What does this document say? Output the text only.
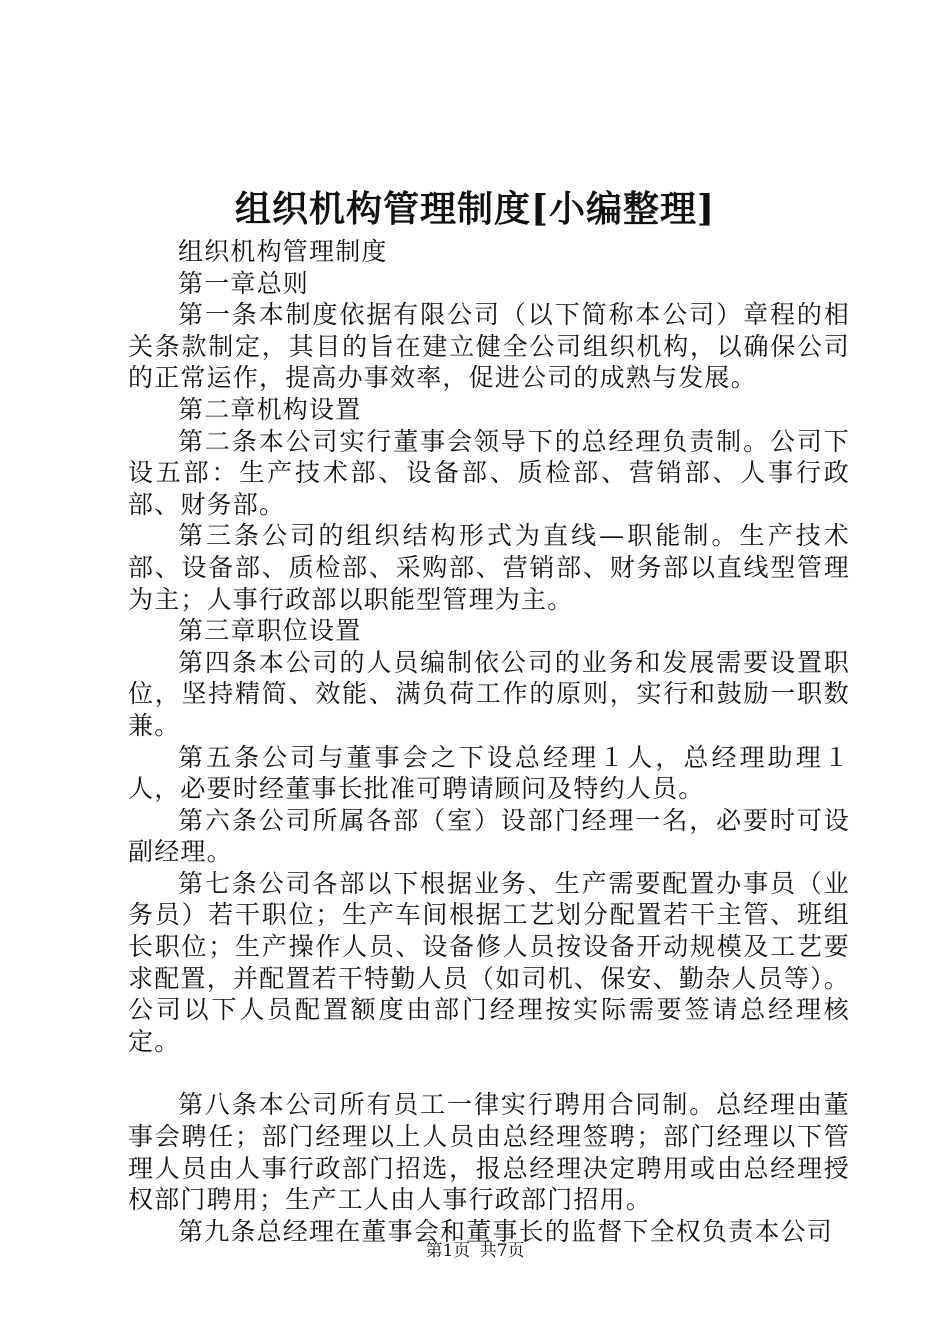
组织机构管理制度[小编整理]

组织机构管理制度

第一章总则

第一条本制度依据有限公司（以下简称本公司）章程的相关条款制定，其目的旨在建立健全公司组织机构，以确保公司的正常运作，提高办事效率，促进公司的成熟与发展。

第二章机构设置

第二条本公司实行董事会领导下的总经理负责制。公司下设五部：生产技术部、设备部、质检部、营销部、人事行政部、财务部。

第三条公司的组织结构形式为直线—职能制。生产技术部、设备部、质检部、采购部、营销部、财务部以直线型管理为主；人事行政部以职能型管理为主。

第三章职位设置

第四条本公司的人员编制依公司的业务和发展需要设置职位，坚持精简、效能、满负荷工作的原则，实行和鼓励一职数兼。

第五条公司与董事会之下设总经理１人，总经理助理１人，必要时经董事长批准可聘请顾问及特约人员。

第六条公司所属各部（室）设部门经理一名，必要时可设副经理。

第七条公司各部以下根据业务、生产需要配置办事员（业务员）若干职位；生产车间根据工艺划分配置若干主管、班组长职位；生产操作人员、设备修人员按设备开动规模及工艺要求配置，并配置若干特勤人员（如司机、保安、勤杂人员等）。公司以下人员配置额度由部门经理按实际需要签请总经理核定。

第八条本公司所有员工一律实行聘用合同制。总经理由董事会聘任；部门经理以上人员由总经理签聘；部门经理以下管理人员由人事行政部门招选，报总经理决定聘用或由总经理授权部门聘用；生产工人由人事行政部门招用。

第九条总经理在董事会和董事长的监督下全权负责本公司

第1页 共7页
